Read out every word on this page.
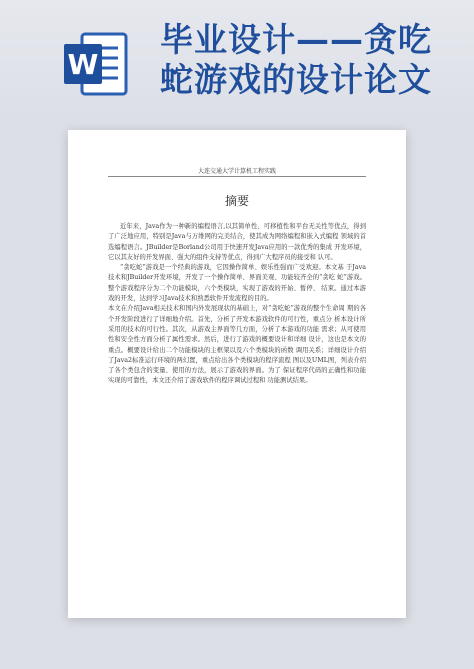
W
毕业设计——贪吃蛇游戏的设计论文
大连交通大学计算机工程实践
摘要

近年来，Java作为一种新的编程语言,以其简单性、可移植性和平台无关性等优点，得到了广泛地应用，特别是Java与万维网的完美结合，使其成为网络编程和嵌入式编程 领域的首选编程语言。JBuilder是Borland公司用于快速开发Java应用的一款优秀的集成 开发环境，它以其友好的开发界面、强大的组件支持等优点，得到广大程序员的接受和 认可。

“贪吃蛇”游戏是一个经典的游戏，它因操作简单、娱乐性强而广受欢迎。本文基 于Java技术和JBuilder开发环境，开发了一个操作简单、界面美观、功能较齐全的“贪吃 蛇”游戏。整个游戏程序分为二个功能模块，六个类模块，实现了游戏的开始、暂停、 结束。通过本游戏的开发，达到学习Java技术和熟悉软件开发流程的目的。

本文在介绍Java相关技术和国内外发展现状的基础上，对“贪吃蛇”游戏的整个生命周 期的各个开发阶段进行了详细地介绍。首先，分析了开发本游戏软件的可行性，重点分 析本设计所采用的技术的可行性。其次，从游戏主界面等几方面，分析了本游戏的功能 需求；从可使用性和安全性方面分析了属性需求。然后，进行了游戏的概要设计和详细 设计，这也是本文的重点。概要设计给出二个功能模块的主框架以及六个类模块的函数 调用关系；详细设计介绍了Java2标准运行环境的两幻置，重点给出各个类模块的程序流程 图以及UML图，列表介绍了各个类包含的变量、使用的方法，展示了游戏的界面。为了 保证程序代码的正确性和功能实现的可靠性，本文还介绍了游戏软件的程序调试过程和 功能测试结果。
